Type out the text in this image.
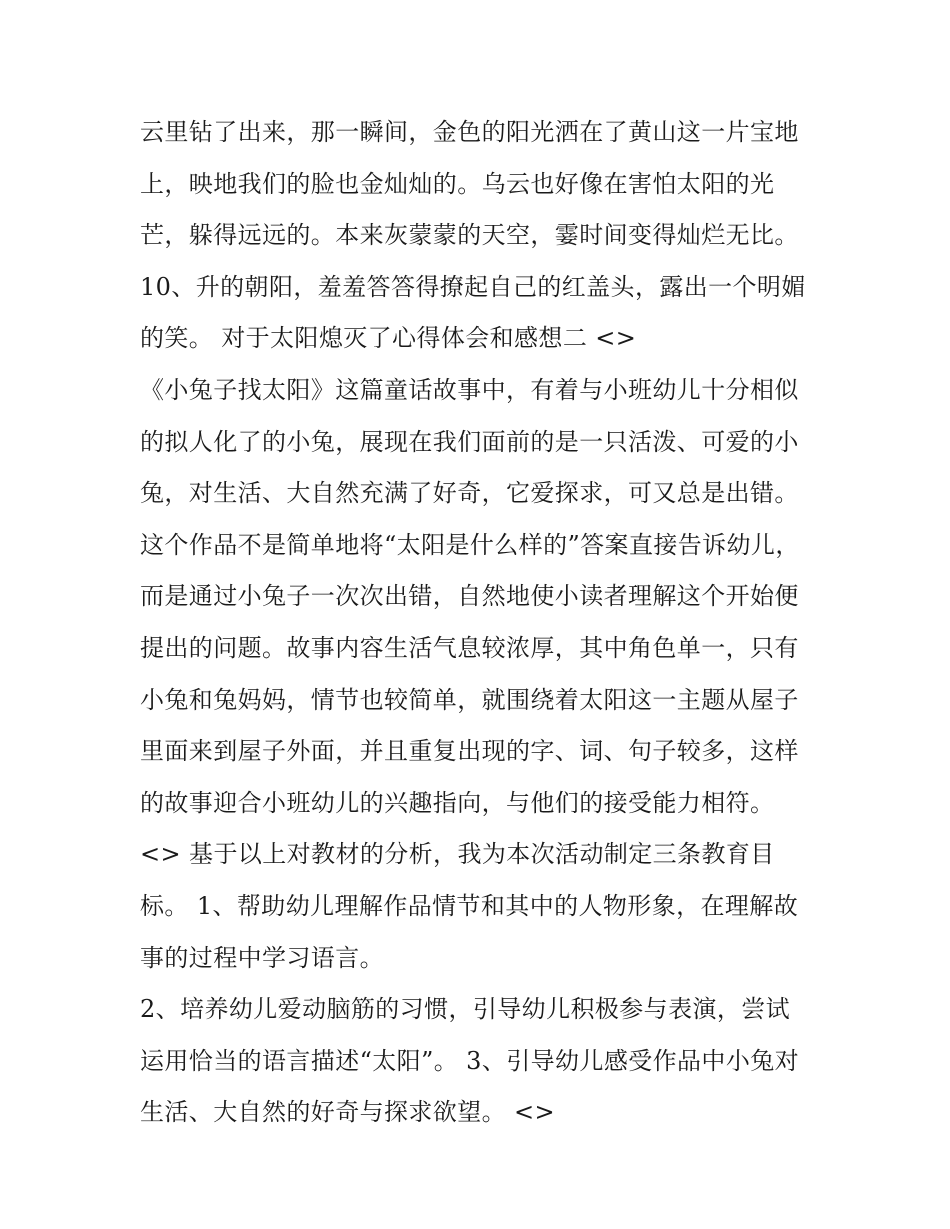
云里钻了出来，那一瞬间，金色的阳光洒在了黄山这一片宝地
上，映地我们的脸也金灿灿的。乌云也好像在害怕太阳的光
芒，躲得远远的。本来灰蒙蒙的天空，霎时间变得灿烂无比。
10、升的朝阳，羞羞答答得撩起自己的红盖头，露出一个明媚
的笑。 对于太阳熄灭了心得体会和感想二 <>
《小兔子找太阳》这篇童话故事中，有着与小班幼儿十分相似
的拟人化了的小兔，展现在我们面前的是一只活泼、可爱的小
兔，对生活、大自然充满了好奇，它爱探求，可又总是出错。
这个作品不是简单地将“太阳是什么样的”答案直接告诉幼儿，
而是通过小兔子一次次出错，自然地使小读者理解这个开始便
提出的问题。故事内容生活气息较浓厚，其中角色单一，只有
小兔和兔妈妈，情节也较简单，就围绕着太阳这一主题从屋子
里面来到屋子外面，并且重复出现的字、词、句子较多，这样
的故事迎合小班幼儿的兴趣指向，与他们的接受能力相符。
<> 基于以上对教材的分析，我为本次活动制定三条教育目
标。 1、帮助幼儿理解作品情节和其中的人物形象，在理解故
事的过程中学习语言。
2、培养幼儿爱动脑筋的习惯，引导幼儿积极参与表演，尝试
运用恰当的语言描述“太阳”。 3、引导幼儿感受作品中小兔对
生活、大自然的好奇与探求欲望。 <>
